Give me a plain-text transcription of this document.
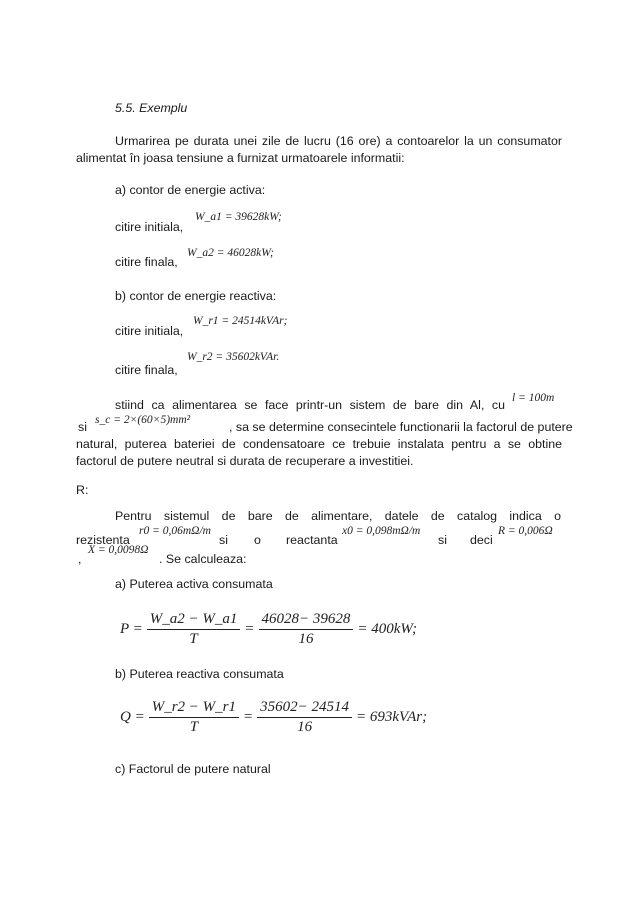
5.5. Exemplu
Urmarirea pe durata unei zile de lucru (16 ore) a contoarelor la un consumator alimentat în joasa tensiune a furnizat urmatoarele informatii:
a) contor de energie activa:
citire initiala,
W_a1 = 39628kW;
citire finala,
W_a2 = 46028kW;
b) contor de energie reactiva:
citire initiala,
W_r1 = 24514kVAr;
citire finala,
W_r2 = 35602kVAr.
stiind ca alimentarea se face printr-un sistem de bare din Al, cu l = 100m
si s_c = 2×(60×5)mm²	, sa se determine consecintele functionarii la factorul de putere
natural, puterea bateriei de condensatoare ce trebuie instalata pentru a se obtine
factorul de putere neutral si durata de recuperare a investitiei.
R:
Pentru sistemul de bare de alimentare, datele de catalog indica o
rezistenta
r0 = 0,06mΩ/m
si o reactanta
x0 = 0,098mΩ/m
si deci
R = 0,006Ω
,
X = 0,0098Ω
. Se calculeaza:
a) Puterea activa consumata
$P = \frac{W\_a2 - W\_a1}{T} = \frac{46028- 39628}{16} = 400kW$;
b) Puterea reactiva consumata
$Q = \frac{W\_r2 - W\_r1}{T} = \frac{35602- 24514}{16}$ = 693kVAr;
c) Factorul de putere natural
